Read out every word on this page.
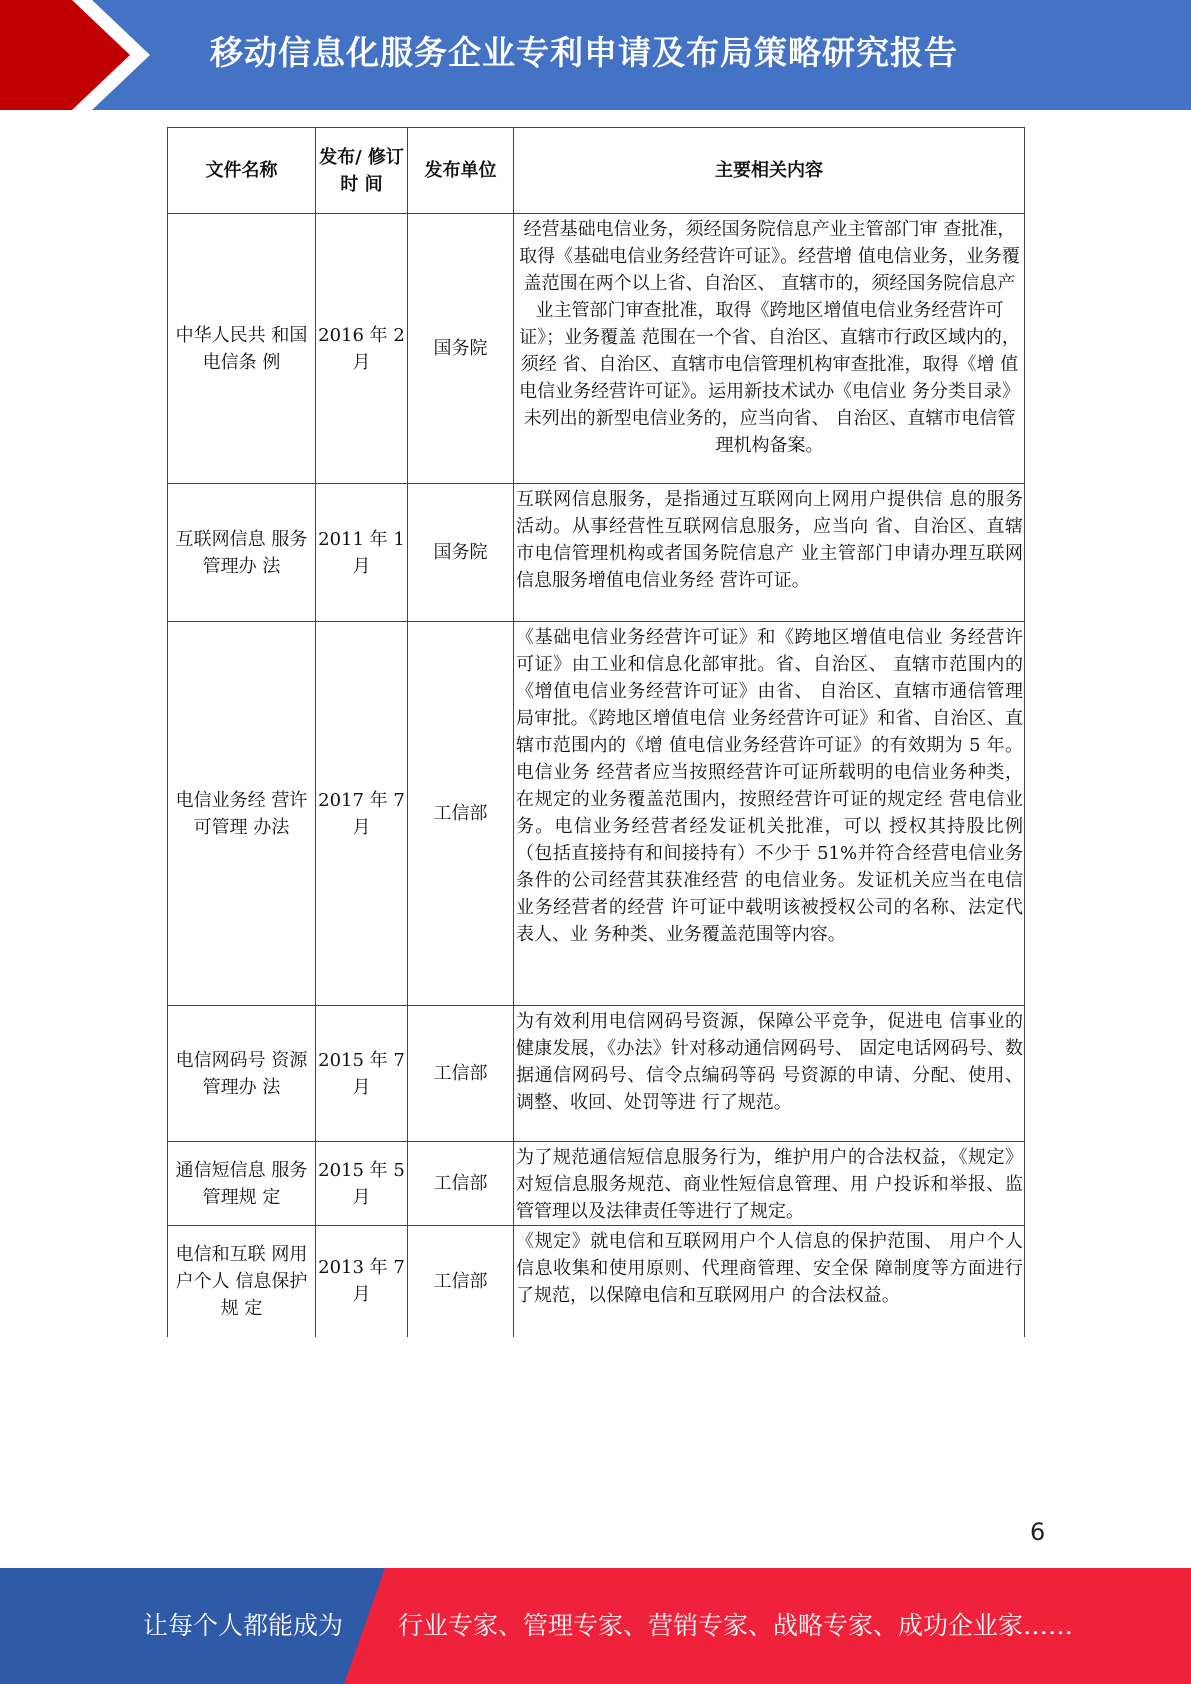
移动信息化服务企业专利申请及布局策略研究报告
文件名称	发布/ 修订时 间	发布单位	主要相关内容
中华人民共 和国电信条 例	2016 年 2 月	国务院	经营基础电信业务，须经国务院信息产业主管部门审 查批准，取得《基础电信业务经营许可证》。经营增 值电信业务，业务覆盖范围在两个以上省、自治区、 直辖市的，须经国务院信息产业主管部门审查批准，取得《跨地区增值电信业务经营许可证》；业务覆盖 范围在一个省、自治区、直辖市行政区域内的，须经 省、自治区、直辖市电信管理机构审查批准，取得《增 值电信业务经营许可证》。运用新技术试办《电信业 务分类目录》未列出的新型电信业务的，应当向省、 自治区、直辖市电信管理机构备案。
互联网信息 服务管理办 法	2011 年 1 月	国务院	互联网信息服务，是指通过互联网向上网用户提供信 息的服务活动。从事经营性互联网信息服务，应当向 省、自治区、直辖市电信管理机构或者国务院信息产 业主管部门申请办理互联网信息服务增值电信业务经 营许可证。
电信业务经 营许可管理 办法	2017 年 7 月	工信部	《基础电信业务经营许可证》和《跨地区增值电信业 务经营许可证》由工业和信息化部审批。省、自治区、 直辖市范围内的《增值电信业务经营许可证》由省、 自治区、直辖市通信管理局审批。《跨地区增值电信 业务经营许可证》和省、自治区、直辖市范围内的《增 值电信业务经营许可证》的有效期为 5 年。电信业务 经营者应当按照经营许可证所载明的电信业务种类， 在规定的业务覆盖范围内，按照经营许可证的规定经 营电信业务。电信业务经营者经发证机关批准，可以 授权其持股比例（包括直接持有和间接持有）不少于 51%并符合经营电信业务条件的公司经营其获准经营 的电信业务。发证机关应当在电信业务经营者的经营 许可证中载明该被授权公司的名称、法定代表人、业 务种类、业务覆盖范围等内容。
电信网码号 资源管理办 法	2015 年 7 月	工信部	为有效利用电信网码号资源，保障公平竞争，促进电 信事业的健康发展，《办法》针对移动通信网码号、 固定电话网码号、数据通信网码号、信令点编码等码 号资源的申请、分配、使用、调整、收回、处罚等进 行了规范。
通信短信息 服务管理规 定	2015 年 5 月	工信部	为了规范通信短信息服务行为，维护用户的合法权益，《规定》对短信息服务规范、商业性短信息管理、用 户投诉和举报、监管管理以及法律责任等进行了规定。
电信和互联 网用户个人 信息保护规 定	2013 年 7 月	工信部	《规定》就电信和互联网用户个人信息的保护范围、 用户个人信息收集和使用原则、代理商管理、安全保 障制度等方面进行了规范，以保障电信和互联网用户 的合法权益。
6
让每个人都能成为 行业专家、管理专家、营销专家、战略专家、成功企业家……
